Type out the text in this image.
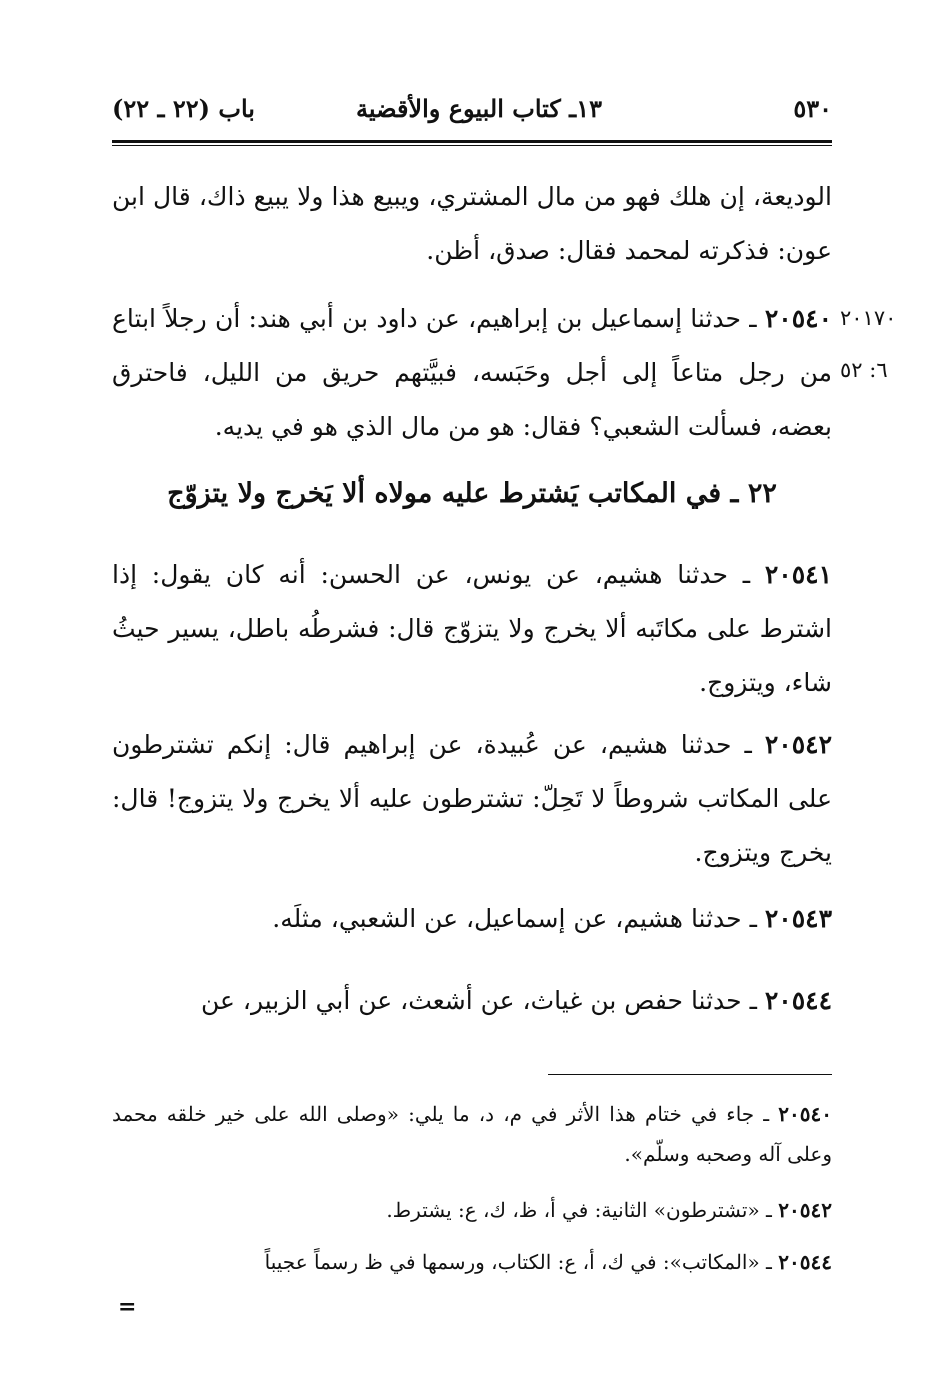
٥٣٠
١٣ـ كتاب البيوع والأقضية
باب (٢٢ ـ ٢٢)
الوديعة، إن هلك فهو من مال المشتري، ويبيع هذا ولا يبيع ذاك، قال ابن عون: فذكرته لمحمد فقال: صدق، أظن.
٢٠١٧٠
٦: ٥٢
٢٠٥٤٠ ـ حدثنا إسماعيل بن إبراهيم، عن داود بن أبي هند: أن رجلاً ابتاع من رجل متاعاً إلى أجل وحَبَسه، فبيَّتهم حريق من الليل، فاحترق بعضه، فسألت الشعبي؟ فقال: هو من مال الذي هو في يديه.
٢٢ ـ في المكاتب يَشترط عليه مولاه ألا يَخرج ولا يتزوّج
٢٠٥٤١ ـ حدثنا هشيم، عن يونس، عن الحسن: أنه كان يقول: إذا اشترط على مكاتَبه ألا يخرج ولا يتزوّج قال: فشرطُه باطل، يسير حيثُ شاء، ويتزوج.
٢٠٥٤٢ ـ حدثنا هشيم، عن عُبيدة، عن إبراهيم قال: إنكم تشترطون على المكاتب شروطاً لا تَحِلّ: تشترطون عليه ألا يخرج ولا يتزوج! قال: يخرج ويتزوج.
٢٠٥٤٣ ـ حدثنا هشيم، عن إسماعيل، عن الشعبي، مثلَه.
٢٠٥٤٤ ـ حدثنا حفص بن غياث، عن أشعث، عن أبي الزبير، عن
٢٠٥٤٠ ـ جاء في ختام هذا الأثر في م، د، ما يلي: «وصلى الله على خير خلقه محمد وعلى آله وصحبه وسلّم».
٢٠٥٤٢ ـ «تشترطون» الثانية: في أ، ظ، ك، ع: يشترط.
٢٠٥٤٤ ـ «المكاتب»: في ك، أ، ع: الكتاب، ورسمها في ظ رسماً عجيباً
=
